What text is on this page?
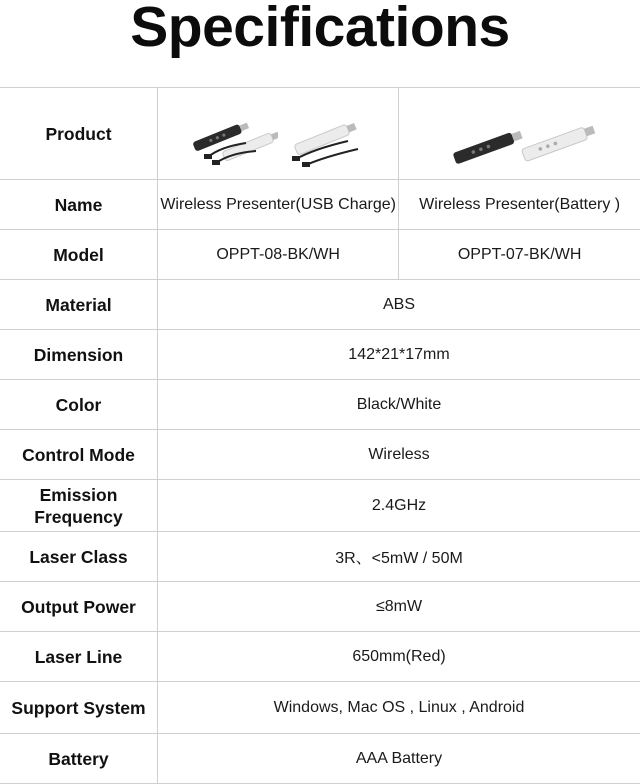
Specifications
Product	

Name	Wireless Presenter(USB Charge)	Wireless Presenter(Battery )
Model	OPPT-08-BK/WH	OPPT-07-BK/WH
Material	ABS	
Dimension	142*21*17mm	
Color	Black/White	
Control Mode	Wireless	
Emission Frequency	2.4GHz	
Laser Class	3R、<5mW / 50M	
Output Power	≤8mW	
Laser Line	650mm(Red)	
Support System	Windows, Mac OS , Linux , Android	
Battery	AAA Battery	
